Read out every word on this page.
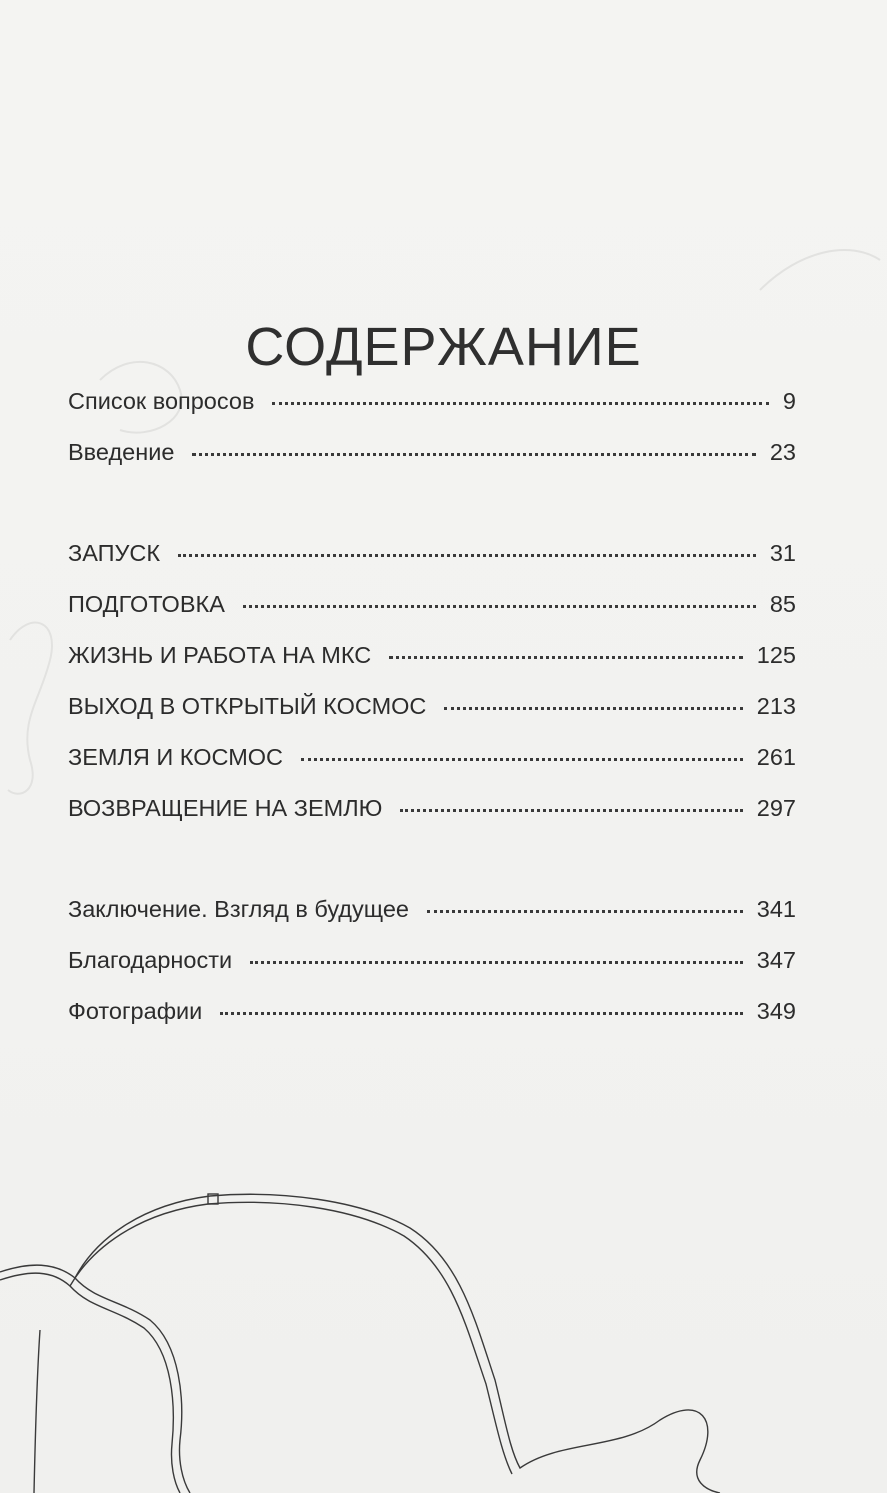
СОДЕРЖАНИЕ
Список вопросов	9
Введение	23
ЗАПУСК	31
ПОДГОТОВКА	85
ЖИЗНЬ И РАБОТА НА МКС	125
ВЫХОД В ОТКРЫТЫЙ КОСМОС	213
ЗЕМЛЯ И КОСМОС	261
ВОЗВРАЩЕНИЕ НА ЗЕМЛЮ	297
Заключение. Взгляд в будущее	341
Благодарности	347
Фотографии	349
